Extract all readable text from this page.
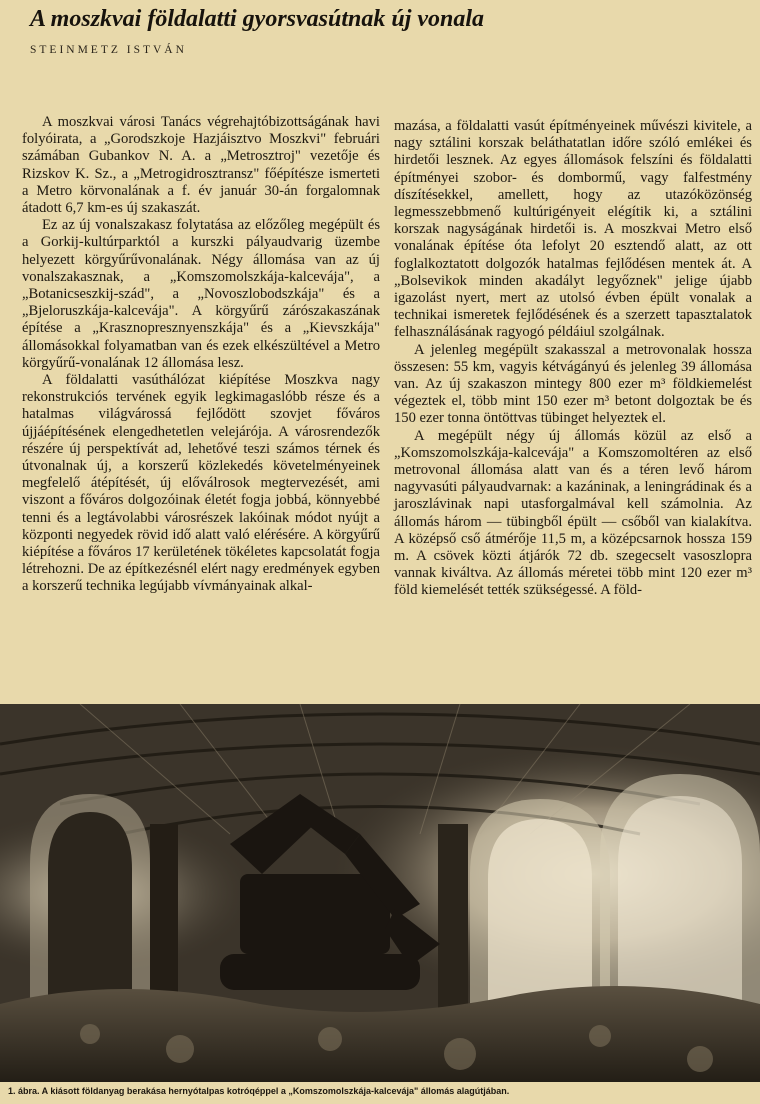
A moszkvai földalatti gyorsvasútnak új vonala
STEINMETZ ISTVÁN

A moszkvai városi Tanács végrehajtóbizottságának havi folyóirata, a „Gorodszkoje Hazjáisztvo Moszkvi" februári számában Gubankov N. A. a „Metrosztroj" vezetője és Rizskov K. Sz., a „Metrogidrosztransz" főépítésze ismerteti a Metro körvonalának a f. év január 30-án forgalomnak átadott 6,7 km-es új szakaszát.

Ez az új vonalszakasz folytatása az előzőleg megépült és a Gorkij-kultúrparktól a kurszki pályaudvarig üzembe helyezett körgyűrűvonalának. Négy állomása van az új vonalszakasznak, a „Komszomolszkája-kalcevája", a „Botanicseszkij-szád", a „Novoszlobodszkája" és a „Bjeloruszkája-kalcevája". A körgyűrű zárószakaszának építése a „Krasznopresznyenszkája" és a „Kievszkája" állomásokkal folyamatban van és ezek elkészültével a Metro körgyűrű-vonalának 12 állomása lesz.

A földalatti vasúthálózat kiépítése Moszkva nagy rekonstrukciós tervének egyik legkimagaslóbb része és a hatalmas világvárossá fejlődött szovjet főváros újjáépítésének elengedhetetlen velejárója. A városrendezők részére új perspektívát ad, lehetővé teszi számos térnek és útvonalnak új, a korszerű közlekedés követelményeinek megfelelő átépítését, új előválrosok megtervezését, ami viszont a főváros dolgozóinak életét fogja jobbá, könnyebbé tenni és a legtávolabbi városrészek lakóinak módot nyújt a központi negyedek rövid idő alatt való elérésére. A körgyűrű kiépítése a főváros 17 kerületének tökéletes kapcsolatát fogja létrehozni. De az építkezésnél elért nagy eredmények egyben a korszerű technika legújabb vívmányainak alkal-

mazása, a földalatti vasút építményeinek művészi kivitele, a nagy sztálini korszak beláthatatlan időre szóló emlékei és hirdetői lesznek. Az egyes állomások felszíni és földalatti építményei szobor- és dombormű, vagy falfestmény díszítésekkel, amellett, hogy az utazóközönség legmesszebbmenő kultúrigényeit elégítik ki, a sztálini korszak nagyságának hirdetői is. A moszkvai Metro első vonalának építése óta lefolyt 20 esztendő alatt, az ott foglalkoztatott dolgozók hatalmas fejlődésen mentek át. A „Bolsevikok minden akadályt legyőznek" jelige újabb igazolást nyert, mert az utolsó évben épült vonalak a technikai ismeretek fejlődésének és a szerzett tapasztalatok felhasználásának ragyogó példáiul szolgálnak.

A jelenleg megépült szakasszal a metrovonalak hossza összesen: 55 km, vagyis kétvágányú és jelenleg 39 állomása van. Az új szakaszon mintegy 800 ezer m³ földkiemelést végeztek el, több mint 150 ezer m³ betont dolgoztak be és 150 ezer tonna öntöttvas tübinget helyeztek el.

A megépült négy új állomás közül az első a „Komszomolszkája-kalcevája" a Komszomoltéren az első metrovonal állomása alatt van és a téren levő három nagyvasúti pályaudvarnak: a kazáninak, a leningrádinak és a jaroszlávinak napi utasforgalmával kell számolnia. Az állomás három — tübingből épült — csőből van kialakítva. A középső cső átmérője 11,5 m, a középcsarnok hossza 159 m. A csövek közti átjárók 72 db. szegecselt vasoszlopra vannak kiváltva. Az állomás méretei több mint 120 ezer m³ föld kiemelését tették szükségessé. A föld-

1. ábra. A kiásott földanyag berakása hernyótalpas kotróqéppel a „Komszomolszkája-kalcevája" állomás alagútjában.
